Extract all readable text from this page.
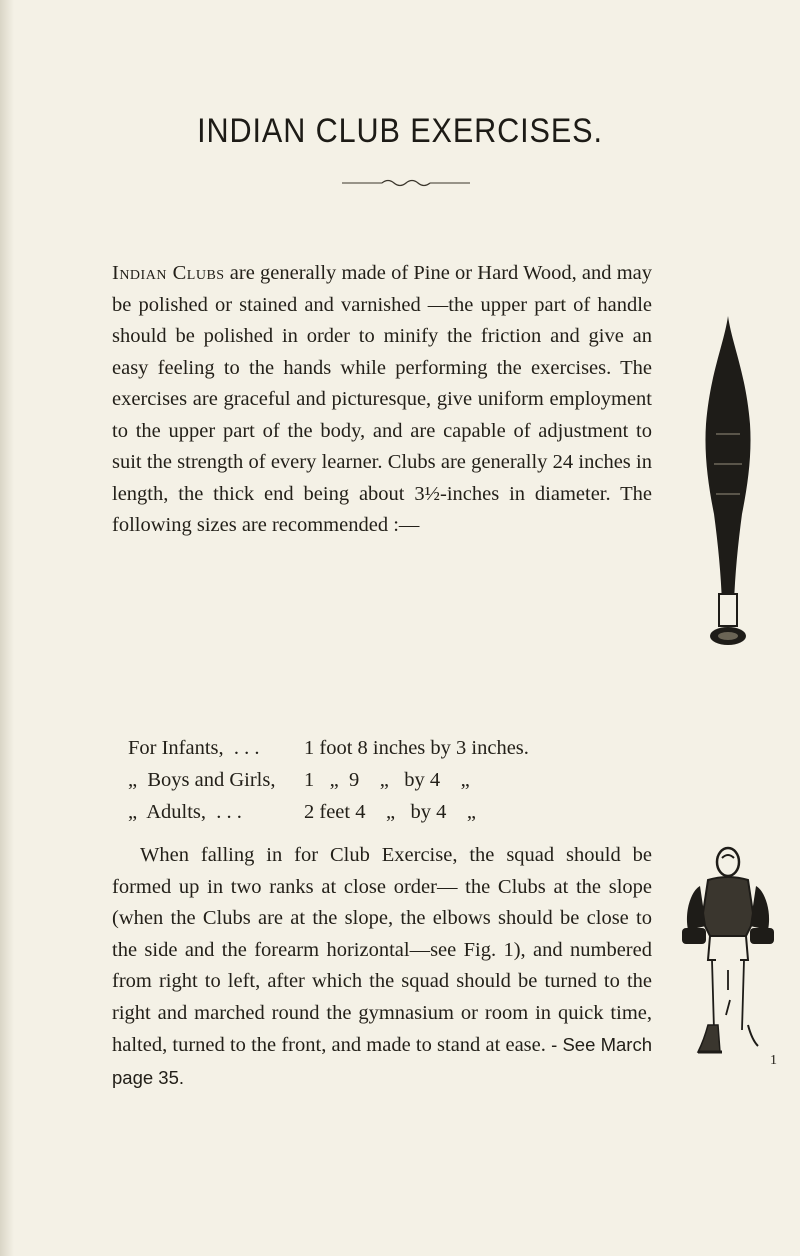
INDIAN CLUB EXERCISES.

Indian Clubs are generally made of Pine or Hard Wood, and may be polished or stained and varnished —the upper part of handle should be polished in order to minify the friction and give an easy feeling to the hands while performing the exercises. The exercises are graceful and picturesque, give uniform employment to the upper part of the body, and are capable of adjustment to suit the strength of every learner. Clubs are generally 24 inches in length, the thick end being about 3½-inches in diameter. The following sizes are recommended :—

For Infants,  . . .	1 foot 8 inches by 3 inches.
„  Boys and Girls,	1   „  9    „   by 4    „
„  Adults,  . . .	2 feet 4    „   by 4    „

When falling in for Club Exercise, the squad should be formed up in two ranks at close order— the Clubs at the slope (when the Clubs are at the slope, the elbows should be close to the side and the forearm horizontal—see Fig. 1), and numbered from right to left, after which the squad should be turned to the right and marched round the gymnasium or room in quick time, halted, turned to the front, and made to stand at ease. - See March page 35.

1
